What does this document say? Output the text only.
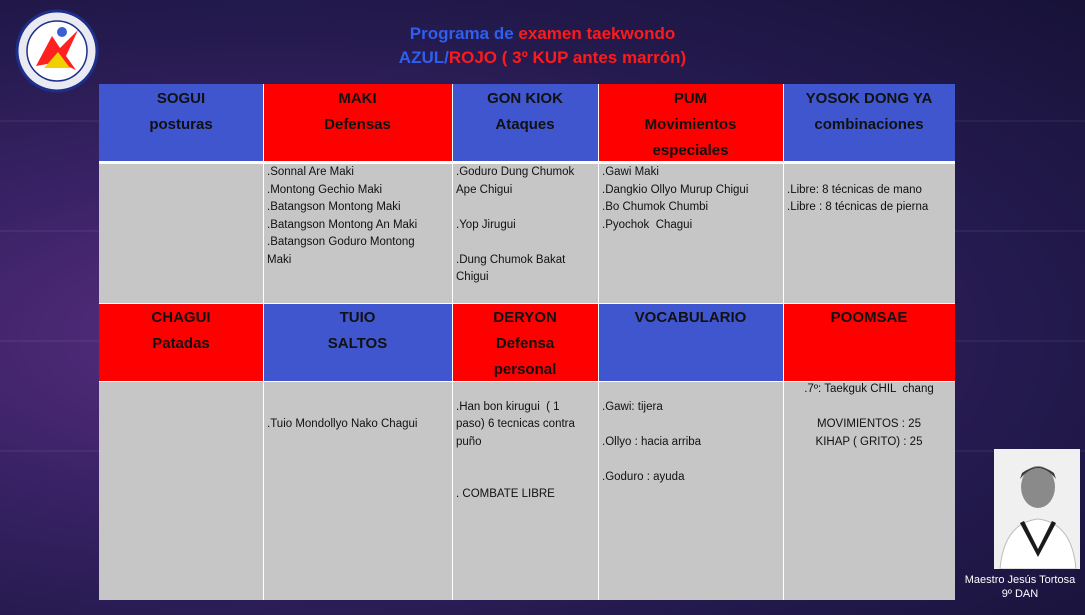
Programa de examen taekwondo
AZUL/ROJO ( 3º KUP antes marrón)
SOGUI
posturas
MAKI
Defensas
GON KIOK
Ataques
PUM
Movimientos
especiales
YOSOK DONG YA
combinaciones
.Sonnal Are Maki
.Montong Gechio Maki
.Batangson Montong Maki
.Batangson Montong An Maki
.Batangson Goduro Montong
Maki
.Goduro Dung Chumok
Ape Chigui

.Yop Jirugui

.Dung Chumok Bakat
Chigui
.Gawi Maki
.Dangkio Ollyo Murup Chigui
.Bo Chumok Chumbi
.Pyochok  Chagui

.Libre: 8 técnicas de mano
.Libre : 8 técnicas de pierna
CHAGUI
Patadas
TUIO
SALTOS
DERYON
Defensa
personal
VOCABULARIO	POOMSAE

.Tuio Mondollyo Nako Chagui

.Han bon kirugui  ( 1
paso) 6 tecnicas contra
puño

. COMBATE LIBRE

.Gawi: tijera

.Ollyo : hacia arriba

.Goduro : ayuda
.7º: Taekguk CHIL  chang

MOVIMIENTOS : 25
KIHAP ( GRITO) : 25
Maestro Jesús Tortosa
9º DAN
